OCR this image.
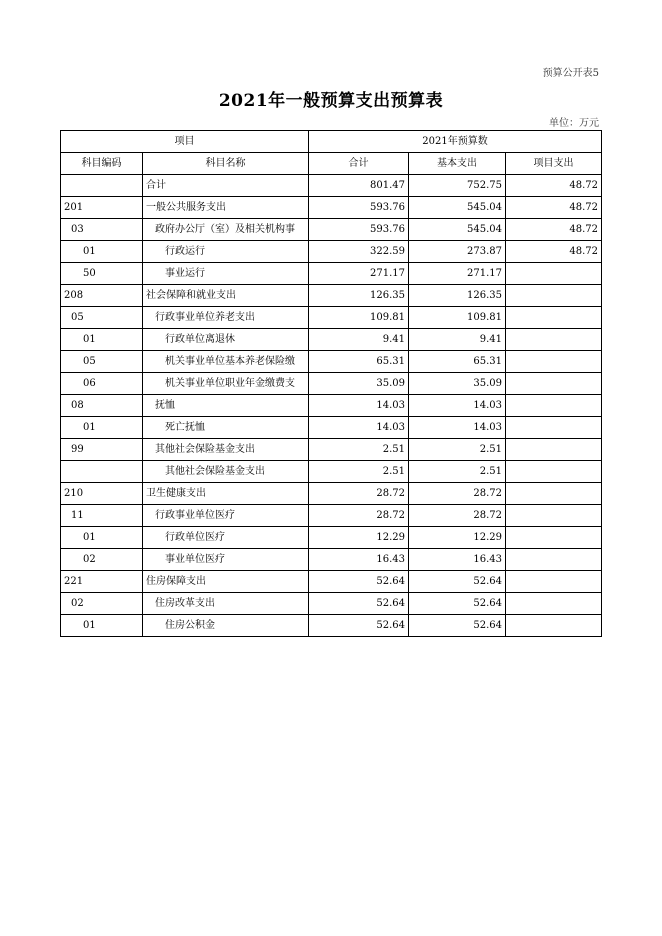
预算公开表5
2021年一般预算支出预算表
单位：万元
项目		2021年预算数		
科目编码	科目名称	合计	基本支出	项目支出
	合计	801.47	752.75	48.72
201	一般公共服务支出	593.76	545.04	48.72
03	政府办公厅（室）及相关机构事	593.76	545.04	48.72
01	行政运行	322.59	273.87	48.72
50	事业运行	271.17	271.17	
208	社会保障和就业支出	126.35	126.35	
05	行政事业单位养老支出	109.81	109.81	
01	行政单位离退休	9.41	9.41	
05	机关事业单位基本养老保险缴	65.31	65.31	
06	机关事业单位职业年金缴费支	35.09	35.09	
08	抚恤	14.03	14.03	
01	死亡抚恤	14.03	14.03	
99	其他社会保险基金支出	2.51	2.51	
	其他社会保险基金支出	2.51	2.51	
210	卫生健康支出	28.72	28.72	
11	行政事业单位医疗	28.72	28.72	
01	行政单位医疗	12.29	12.29	
02	事业单位医疗	16.43	16.43	
221	住房保障支出	52.64	52.64	
02	住房改革支出	52.64	52.64	
01	住房公积金	52.64	52.64	
